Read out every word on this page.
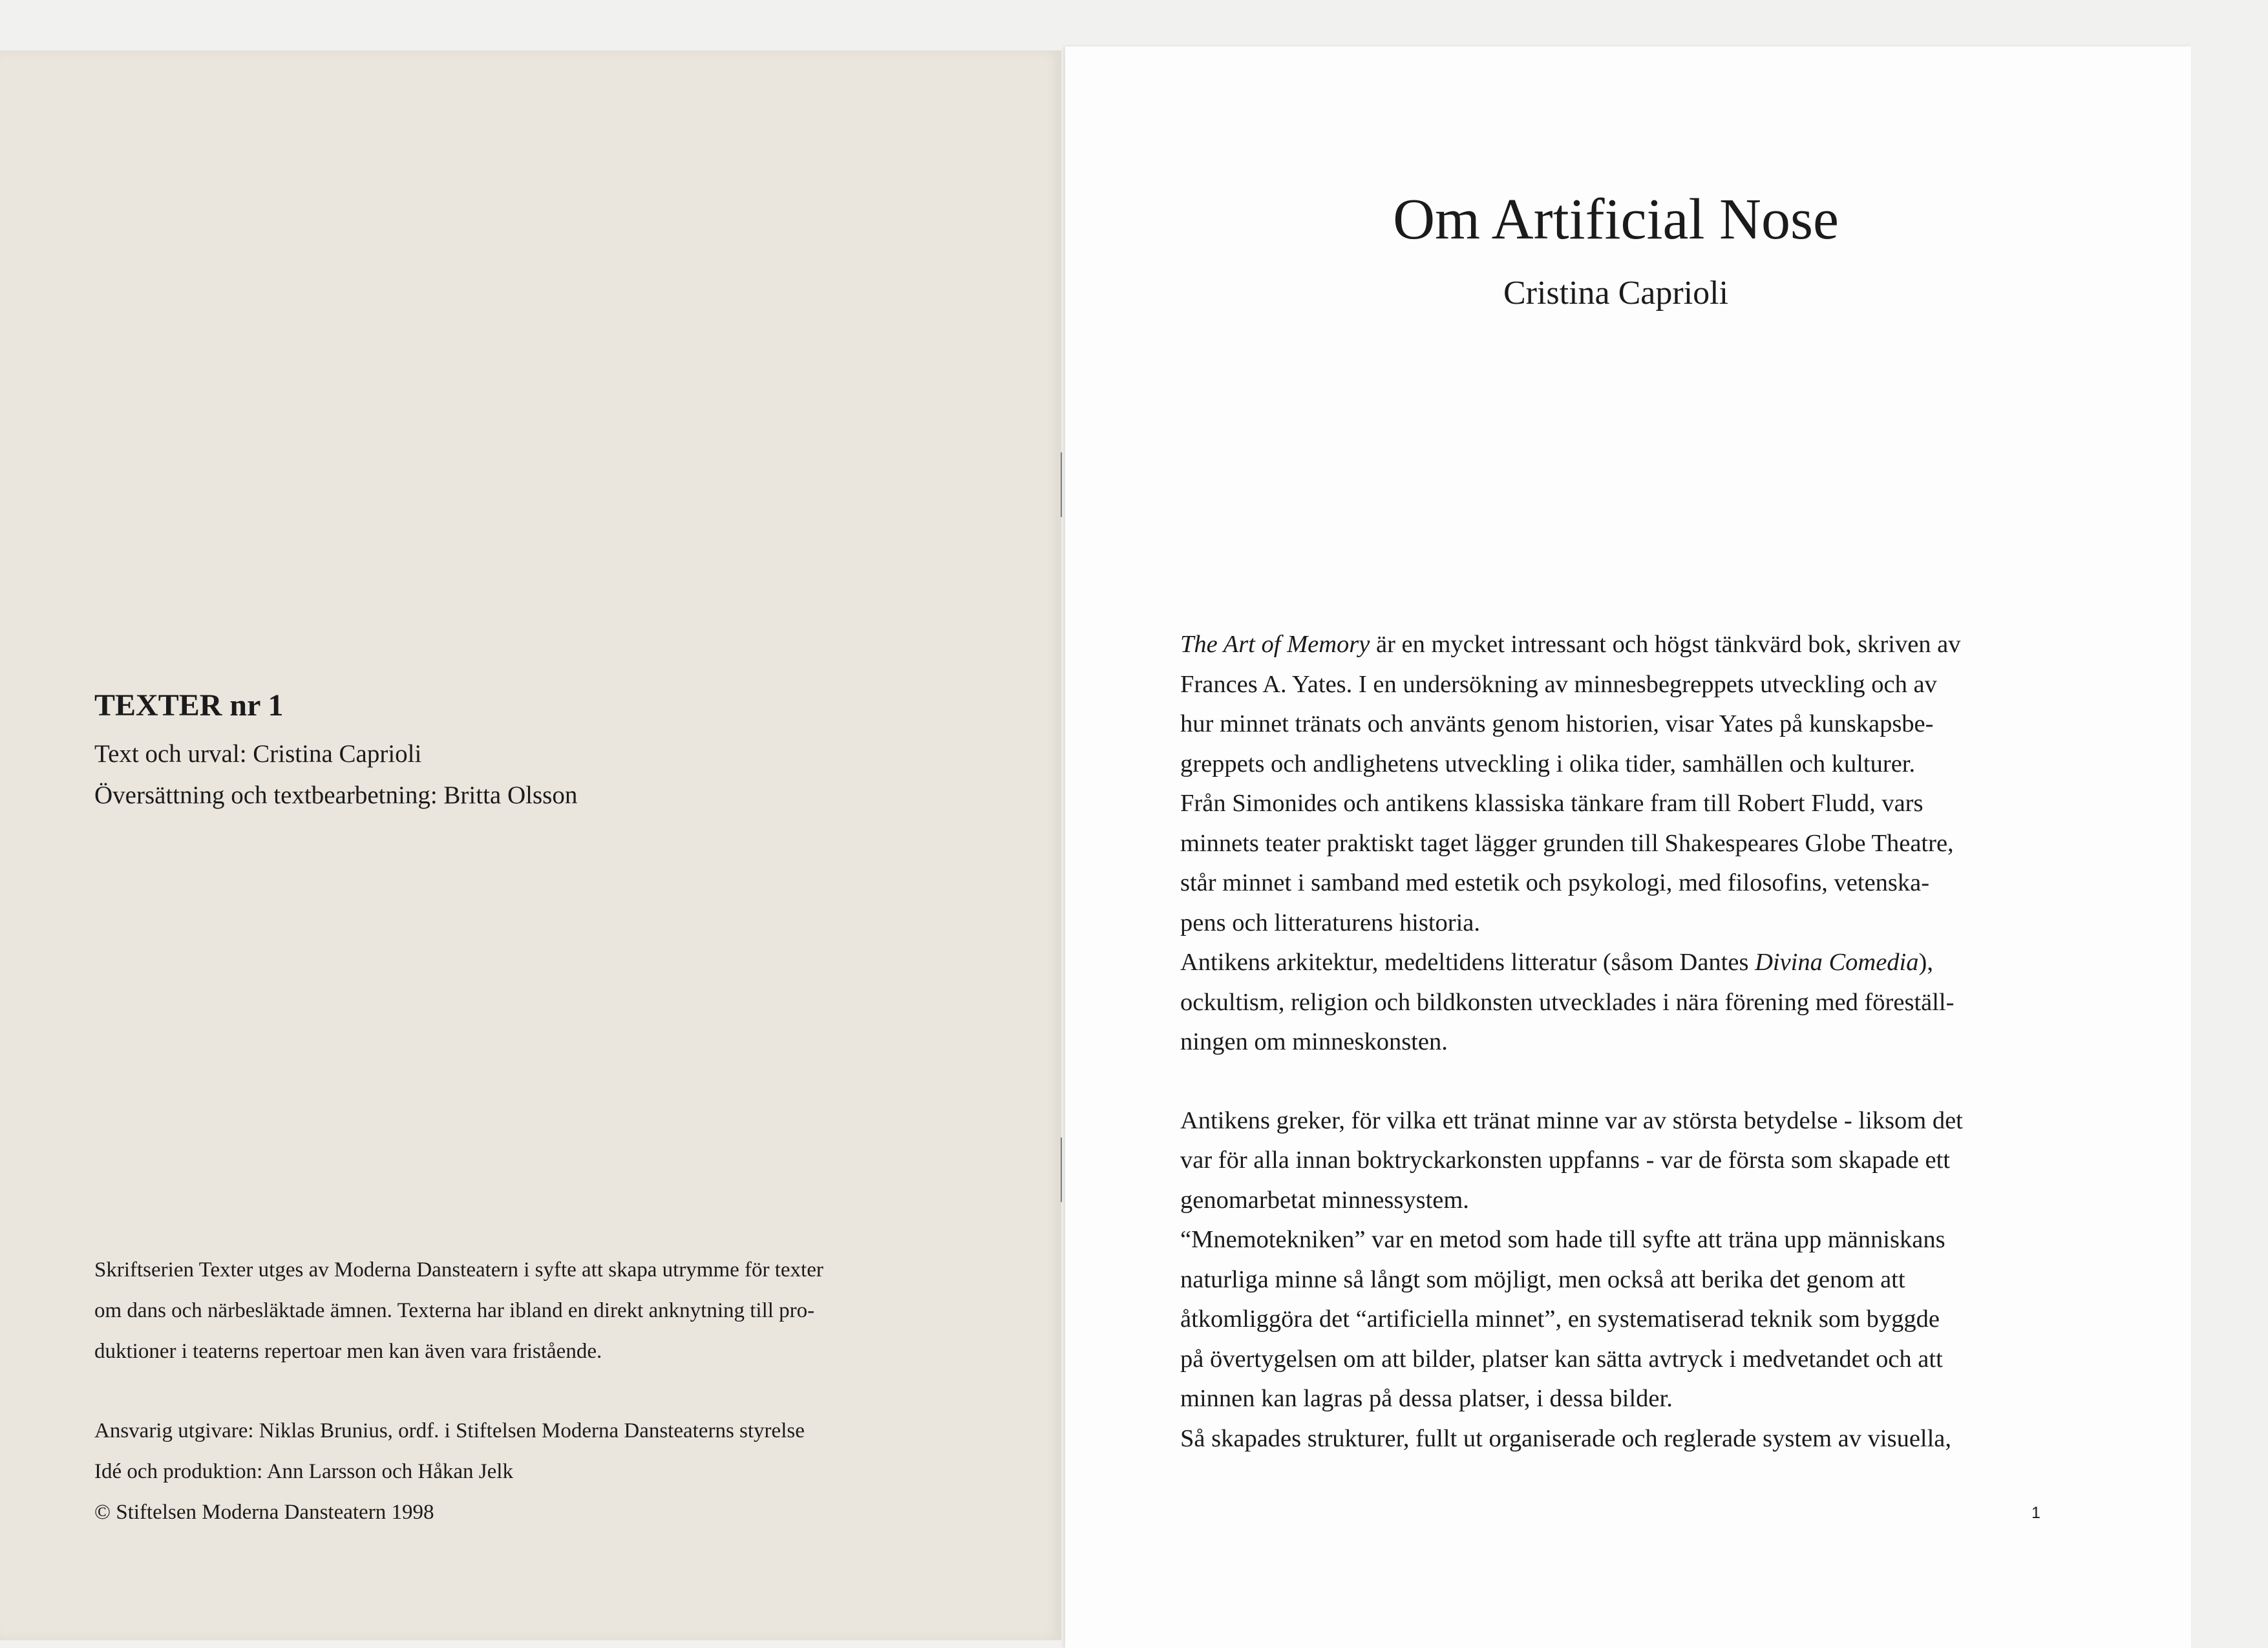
TEXTER nr 1

Text och urval: Cristina Caprioli

Översättning och textbearbetning: Britta Olsson

Skriftserien Texter utges av Moderna Dansteatern i syfte att skapa utrymme för texter

om dans och närbesläktade ämnen. Texterna har ibland en direkt anknytning till pro-

duktioner i teaterns repertoar men kan även vara fristående.

Ansvarig utgivare: Niklas Brunius, ordf. i Stiftelsen Moderna Dansteaterns styrelse

Idé och produktion: Ann Larsson och Håkan Jelk

© Stiftelsen Moderna Dansteatern 1998

Om Artificial Nose

Cristina Caprioli

The Art of Memory är en mycket intressant och högst tänkvärd bok, skriven av

Frances A. Yates. I en undersökning av minnesbegreppets utveckling och av

hur minnet tränats och använts genom historien, visar Yates på kunskapsbe-

greppets och andlighetens utveckling i olika tider, samhällen och kulturer.

Från Simonides och antikens klassiska tänkare fram till Robert Fludd, vars

minnets teater praktiskt taget lägger grunden till Shakespeares Globe Theatre,

står minnet i samband med estetik och psykologi, med filosofins, vetenska-

pens och litteraturens historia.

Antikens arkitektur, medeltidens litteratur (såsom Dantes Divina Comedia),

ockultism, religion och bildkonsten utvecklades i nära förening med föreställ-

ningen om minneskonsten.

Antikens greker, för vilka ett tränat minne var av största betydelse - liksom det

var för alla innan boktryckarkonsten uppfanns - var de första som skapade ett

genomarbetat minnessystem.

“Mnemotekniken” var en metod som hade till syfte att träna upp människans

naturliga minne så långt som möjligt, men också att berika det genom att

åtkomliggöra det “artificiella minnet”, en systematiserad teknik som byggde

på övertygelsen om att bilder, platser kan sätta avtryck i medvetandet och att

minnen kan lagras på dessa platser, i dessa bilder.

Så skapades strukturer, fullt ut organiserade och reglerade system av visuella,

1
